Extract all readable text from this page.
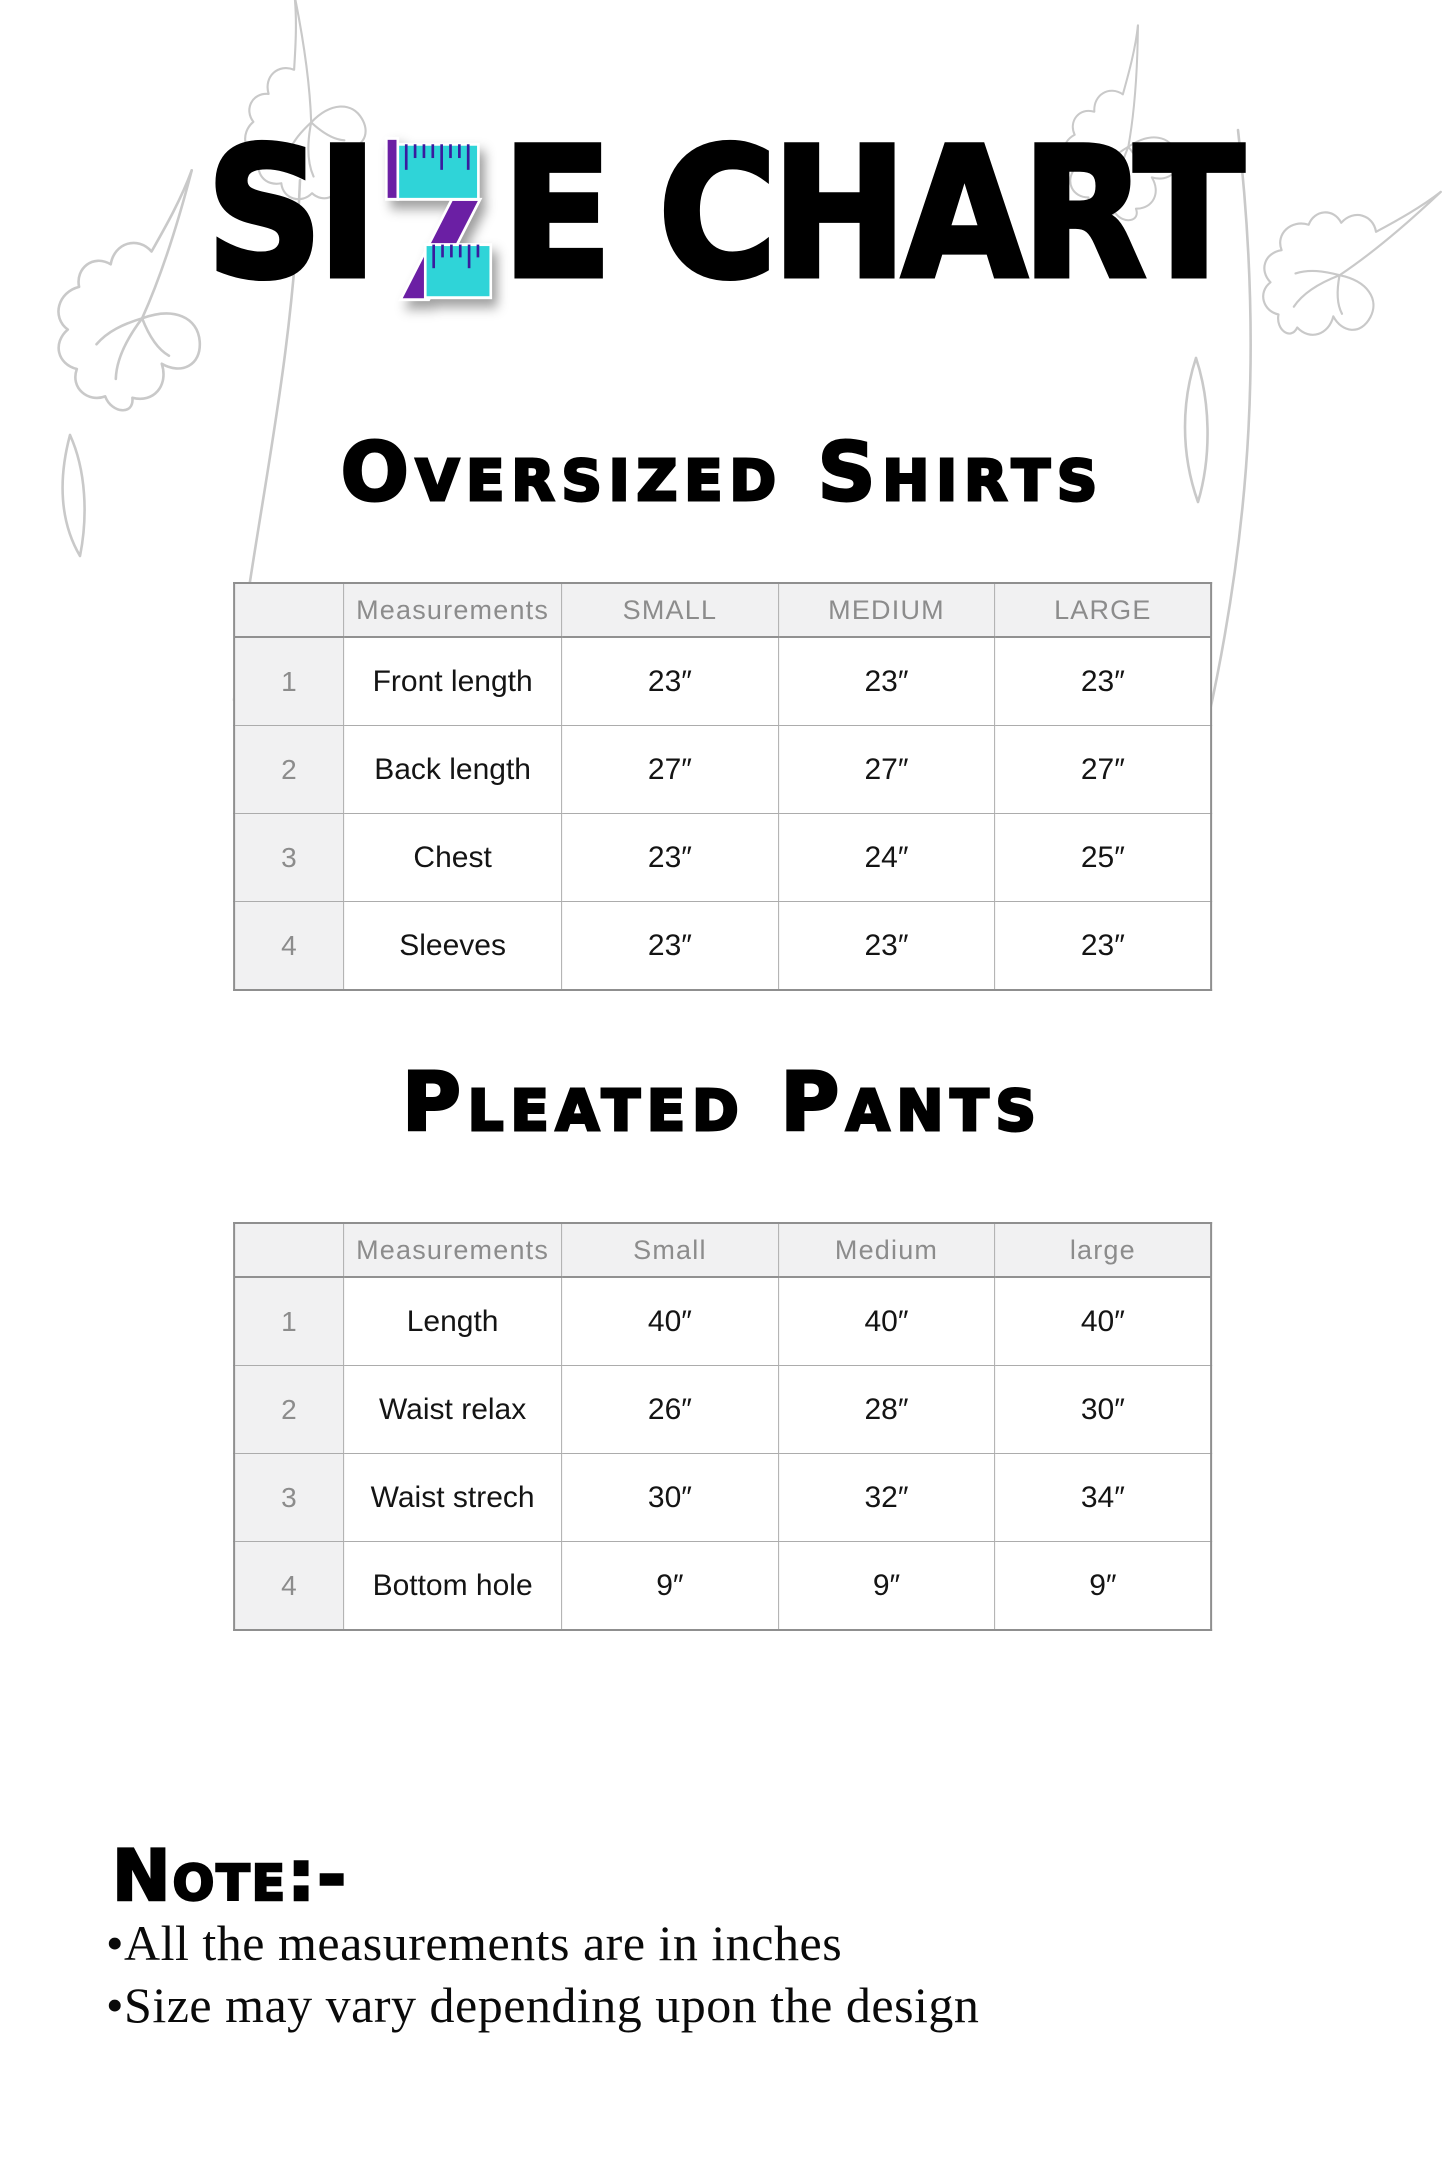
SI E CHART
Oversized Shirts
	Measurements	SMALL	MEDIUM	LARGE
1	Front length	23″	23″	23″
2	Back length	27″	27″	27″
3	Chest	23″	24″	25″
4	Sleeves	23″	23″	23″
Pleated Pants
	Measurements	Small	Medium	large
1	Length	40″	40″	40″
2	Waist relax	26″	28″	30″
3	Waist strech	30″	32″	34″
4	Bottom hole	9″	9″	9″
Note:-
•All the measurements are in inches
•Size may vary depending upon the design
